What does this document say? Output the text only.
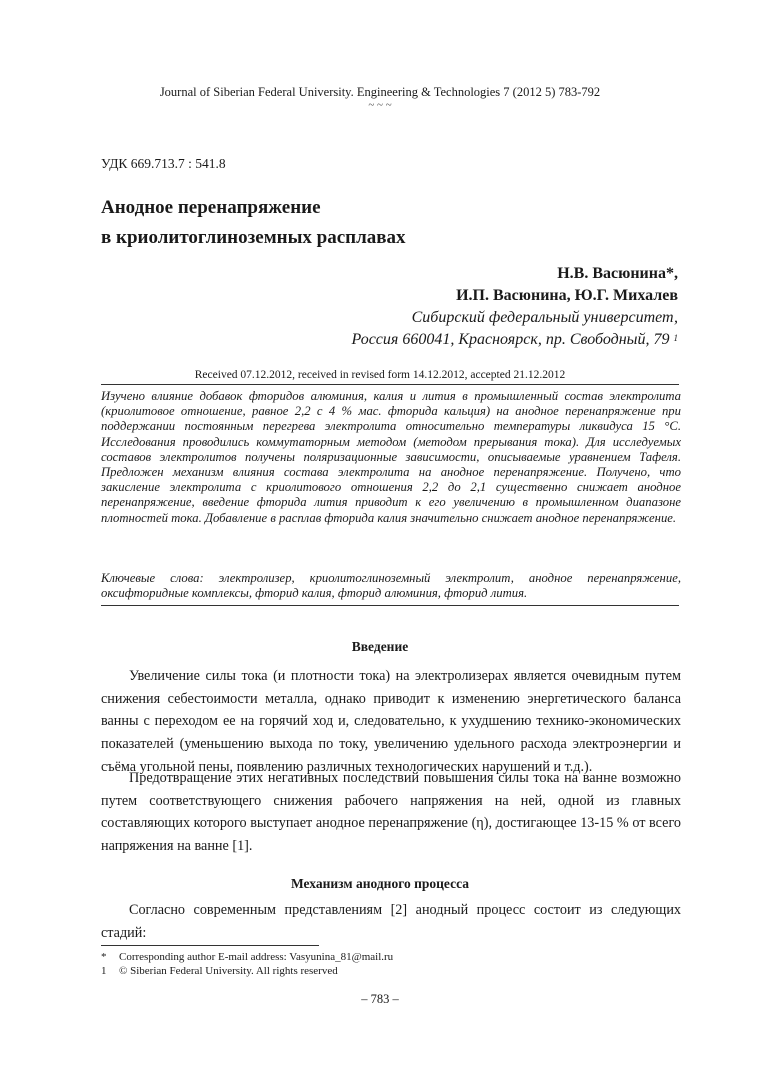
Journal of Siberian Federal University. Engineering & Technologies 7 (2012 5) 783-792
~ ~ ~
УДК 669.713.7 : 541.8
Анодное перенапряжение
в криолитоглиноземных расплавах
Н.В. Васюнина*,
И.П. Васюнина, Ю.Г. Михалев
Сибирский федеральный университет,
Россия 660041, Красноярск, пр. Свободный, 79 $^1$
Received 07.12.2012, received in revised form 14.12.2012, accepted 21.12.2012

Изучено влияние добавок фторидов алюминия, калия и лития в промышленный состав электролита (криолитовое отношение, равное 2,2 с 4 % мас. фторида кальция) на анодное перенапряжение при поддержании постоянным перегрева электролита относительно температуры ликвидуса 15 °С. Исследования проводились коммутаторным методом (методом прерывания тока). Для исследуемых составов электролитов получены поляризационные зависимости, описываемые уравнением Тафеля. Предложен механизм влияния состава электролита на анодное перенапряжение. Получено, что закисление электролита с криолитового отношения 2,2 до 2,1 существенно снижает анодное перенапряжение, введение фторида лития приводит к его увеличению в промышленном диапазоне плотностей тока. Добавление в расплав фторида калия значительно снижает анодное перенапряжение.

Ключевые слова: электролизер, криолитоглиноземный электролит, анодное перенапряжение, оксифторидные комплексы, фторид калия, фторид алюминия, фторид лития.
Введение

Увеличение силы тока (и плотности тока) на электролизерах является очевидным путем снижения себестоимости металла, однако приводит к изменению энергетического баланса ванны с переходом ее на горячий ход и, следовательно, к ухудшению технико-экономических показателей (уменьшению выхода по току, увеличению удельного расхода электроэнергии и съёма угольной пены, появлению различных технологических нарушений и т.д.).

Предотвращение этих негативных последствий повышения силы тока на ванне возможно путем соответствующего снижения рабочего напряжения на ней, одной из главных составляющих которого выступает анодное перенапряжение (η), достигающее 13-15 % от всего напряжения на ванне [1].

Механизм анодного процесса

Согласно современным представлениям [2] анодный процесс состоит из следующих стадий:

* Corresponding author E-mail address: Vasyunina_81@mail.ru
1 © Siberian Federal University. All rights reserved
– 783 –
